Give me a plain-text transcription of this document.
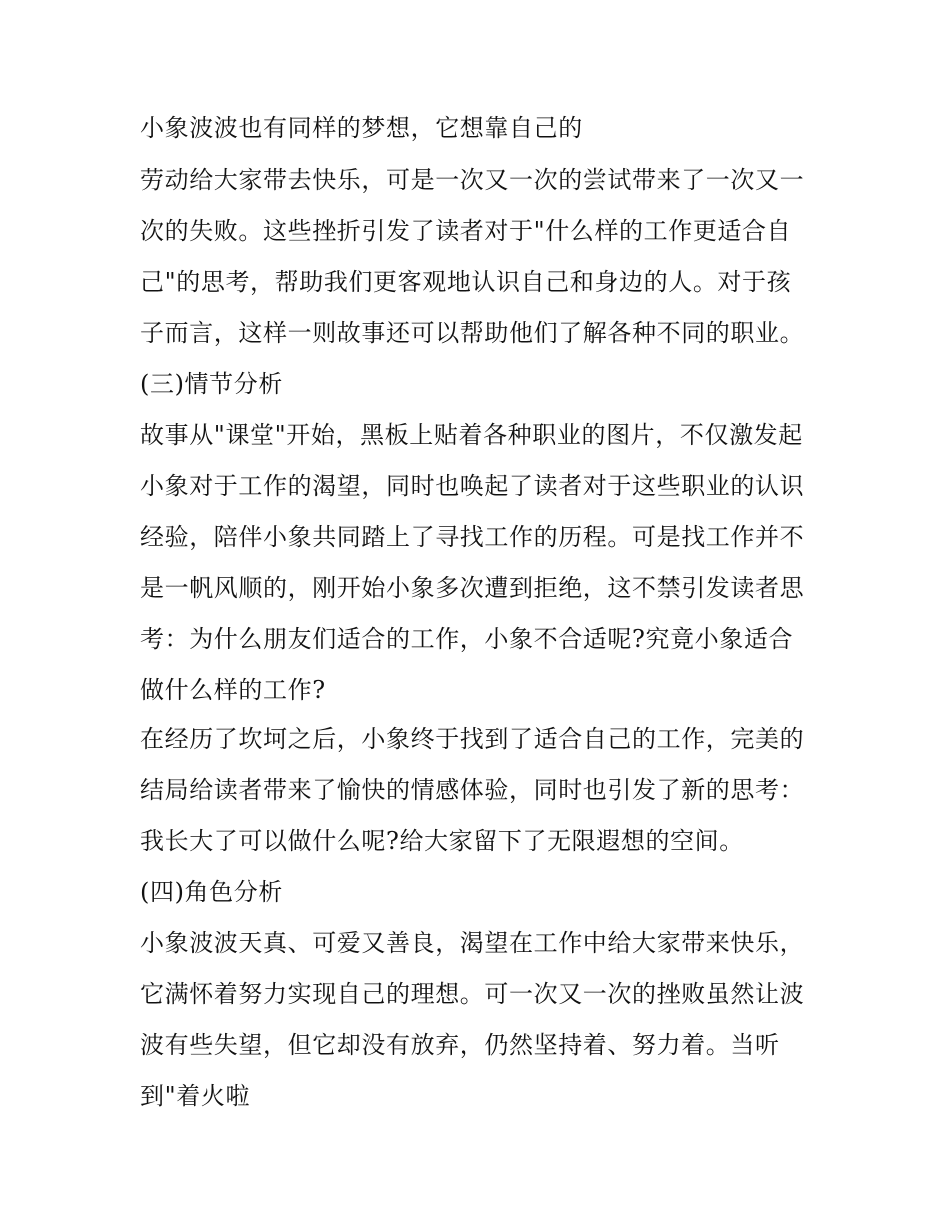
小象波波也有同样的梦想，它想靠自己的
劳动给大家带去快乐，可是一次又一次的尝试带来了一次又一
次的失败。这些挫折引发了读者对于"什么样的工作更适合自
己"的思考，帮助我们更客观地认识自己和身边的人。对于孩
子而言，这样一则故事还可以帮助他们了解各种不同的职业。
(三)情节分析
故事从"课堂"开始，黑板上贴着各种职业的图片，不仅激发起
小象对于工作的渴望，同时也唤起了读者对于这些职业的认识
经验，陪伴小象共同踏上了寻找工作的历程。可是找工作并不
是一帆风顺的，刚开始小象多次遭到拒绝，这不禁引发读者思
考：为什么朋友们适合的工作，小象不合适呢?究竟小象适合
做什么样的工作?
在经历了坎坷之后，小象终于找到了适合自己的工作，完美的
结局给读者带来了愉快的情感体验，同时也引发了新的思考：
我长大了可以做什么呢?给大家留下了无限遐想的空间。
(四)角色分析
小象波波天真、可爱又善良，渴望在工作中给大家带来快乐，
它满怀着努力实现自己的理想。可一次又一次的挫败虽然让波
波有些失望，但它却没有放弃，仍然坚持着、努力着。当听
到"着火啦
